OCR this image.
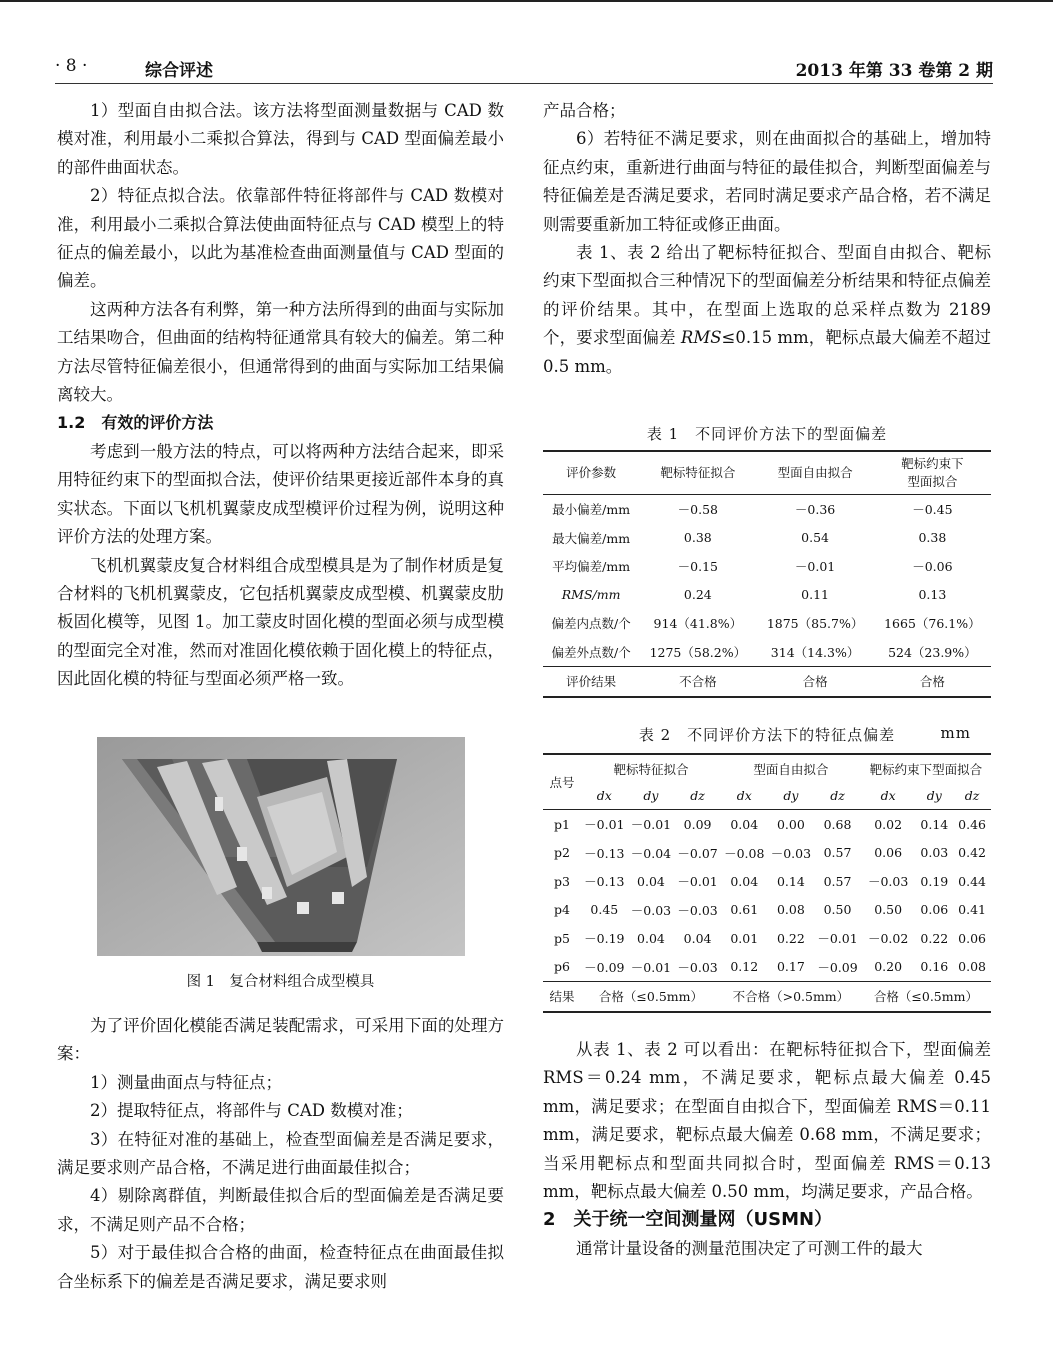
· 8 ·	综合评述	2013 年第 33 卷第 2 期

1）型面自由拟合法。该方法将型面测量数据与 CAD 数模对准，利用最小二乘拟合算法，得到与 CAD 型面偏差最小的部件曲面状态。

2）特征点拟合法。依靠部件特征将部件与 CAD 数模对准，利用最小二乘拟合算法使曲面特征点与 CAD 模型上的特征点的偏差最小，以此为基准检查曲面测量值与 CAD 型面的偏差。

这两种方法各有利弊，第一种方法所得到的曲面与实际加工结果吻合，但曲面的结构特征通常具有较大的偏差。第二种方法尽管特征偏差很小，但通常得到的曲面与实际加工结果偏离较大。

1.2　有效的评价方法

考虑到一般方法的特点，可以将两种方法结合起来，即采用特征约束下的型面拟合法，使评价结果更接近部件本身的真实状态。下面以飞机机翼蒙皮成型模评价过程为例，说明这种评价方法的处理方案。

飞机机翼蒙皮复合材料组合成型模具是为了制作材质是复合材料的飞机机翼蒙皮，它包括机翼蒙皮成型模、机翼蒙皮肋板固化模等，见图 1。加工蒙皮时固化模的型面必须与成型模的型面完全对准，然而对准固化模依赖于固化模上的特征点，因此固化模的特征与型面必须严格一致。

图 1　复合材料组合成型模具

为了评价固化模能否满足装配需求，可采用下面的处理方案：

1）测量曲面点与特征点；

2）提取特征点，将部件与 CAD 数模对准；

3）在特征对准的基础上，检查型面偏差是否满足要求，满足要求则产品合格，不满足进行曲面最佳拟合；

4）剔除离群值，判断最佳拟合后的型面偏差是否满足要求，不满足则产品不合格；

5）对于最佳拟合合格的曲面，检查特征点在曲面最佳拟合坐标系下的偏差是否满足要求，满足要求则

产品合格；

6）若特征不满足要求，则在曲面拟合的基础上，增加特征点约束，重新进行曲面与特征的最佳拟合，判断型面偏差与特征偏差是否满足要求，若同时满足要求产品合格，若不满足则需要重新加工特征或修正曲面。

表 1、表 2 给出了靶标特征拟合、型面自由拟合、靶标约束下型面拟合三种情况下的型面偏差分析结果和特征点偏差的评价结果。其中，在型面上选取的总采样点数为 2189 个，要求型面偏差 RMS≤0.15 mm，靶标点最大偏差不超过 0.5 mm。

表 1　不同评价方法下的型面偏差

评价参数	靶标特征拟合	型面自由拟合	靶标约束下
型面拟合
最小偏差/mm	－0.58	－0.36	－0.45
最大偏差/mm	0.38	0.54	0.38
平均偏差/mm	－0.15	－0.01	－0.06
RMS/mm	0.24	0.11	0.13
偏差内点数/个	914（41.8%）	1875（85.7%）	1665（76.1%）
偏差外点数/个	1275（58.2%）	314（14.3%）	524（23.9%）
评价结果	不合格	合格	合格

表 2　不同评价方法下的特征点偏差	mm

点号	靶标特征拟合			型面自由拟合			靶标约束下型面拟合		
	dx	dy	dz	dx	dy	dz	dx	dy	dz
p1	－0.01	－0.01	0.09	0.04	0.00	0.68	0.02	0.14	0.46
p2	－0.13	－0.04	－0.07	－0.08	－0.03	0.57	0.06	0.03	0.42
p3	－0.13	0.04	－0.01	0.04	0.14	0.57	－0.03	0.19	0.44
p4	0.45	－0.03	－0.03	0.61	0.08	0.50	0.50	0.06	0.41
p5	－0.19	0.04	0.04	0.01	0.22	－0.01	－0.02	0.22	0.06
p6	－0.09	－0.01	－0.03	0.12	0.17	－0.09	0.20	0.16	0.08
结果	合格（≤0.5mm）			不合格（>0.5mm）			合格（≤0.5mm）		

从表 1、表 2 可以看出：在靶标特征拟合下，型面偏差 RMS＝0.24 mm，不满足要求，靶标点最大偏差 0.45 mm，满足要求；在型面自由拟合下，型面偏差 RMS＝0.11 mm，满足要求，靶标点最大偏差 0.68 mm，不满足要求；当采用靶标点和型面共同拟合时，型面偏差 RMS＝0.13 mm，靶标点最大偏差 0.50 mm，均满足要求，产品合格。

2　关于统一空间测量网（USMN）

通常计量设备的测量范围决定了可测工件的最大
